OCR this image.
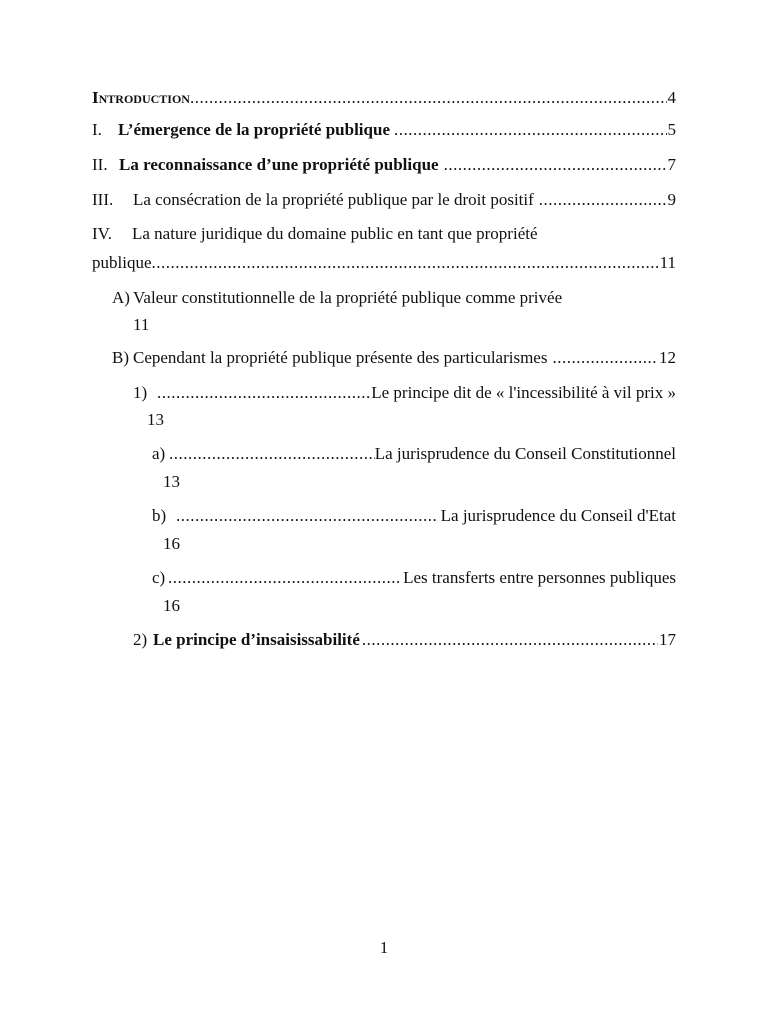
Introduction .....	4
I. L’émergence de la propriété publique .....	5
II. La reconnaissance d’une propriété publique .....	7
III.	La consécration de la propriété publique par le droit positif .....	9
IV. La nature juridique du domaine public en tant que propriété
publique .....	11
A) Valeur constitutionnelle de la propriété publique comme privée
11
B) Cependant la propriété publique présente des particularismes .....	12
1) .....	Le principe dit de « l'incessibilité à vil prix »
13
a) .....	La jurisprudence du Conseil Constitutionnel
13
b) .....	La jurisprudence du Conseil d'Etat
16
c) .....	Les transferts entre personnes publiques
16
2) Le principe d’insaisissabilité .....	17
1
